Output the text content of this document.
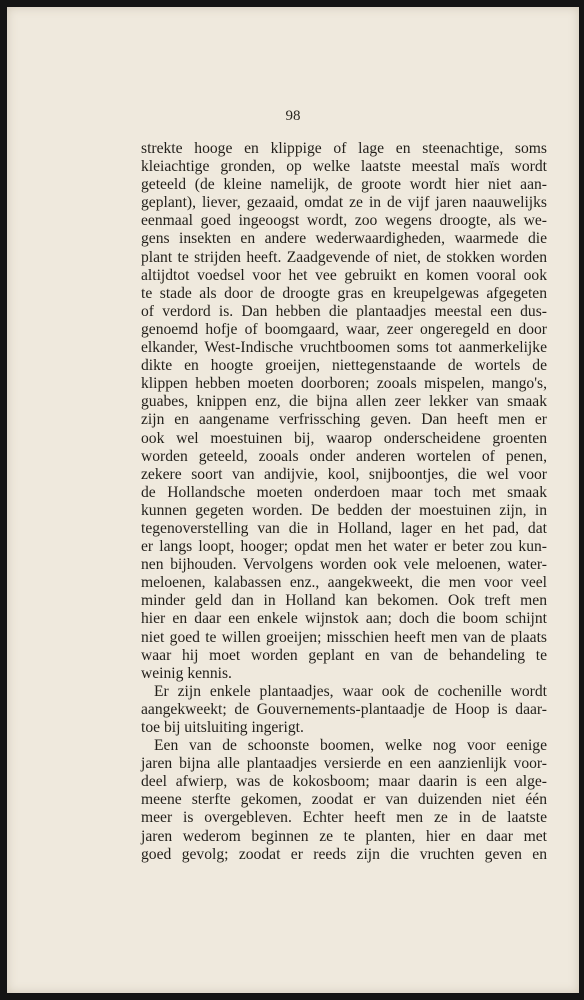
98
strekte hooge en klippige of lage en steenachtige, soms
kleiachtige gronden, op welke laatste meestal maïs wordt
geteeld (de kleine namelijk, de groote wordt hier niet aan-
geplant), liever, gezaaid, omdat ze in de vijf jaren naauwelijks
eenmaal goed ingeoogst wordt, zoo wegens droogte, als we-
gens insekten en andere wederwaardigheden, waarmede die
plant te strijden heeft. Zaadgevende of niet, de stokken worden
altijdtot voedsel voor het vee gebruikt en komen vooral ook
te stade als door de droogte gras en kreupelgewas afgegeten
of verdord is. Dan hebben die plantaadjes meestal een dus-
genoemd hofje of boomgaard, waar, zeer ongeregeld en door
elkander, West-Indische vruchtboomen soms tot aanmerkelijke
dikte en hoogte groeijen, niettegenstaande de wortels de
klippen hebben moeten doorboren; zooals mispelen, mango's,
guabes, knippen enz, die bijna allen zeer lekker van smaak
zijn en aangename verfrissching geven. Dan heeft men er
ook wel moestuinen bij, waarop onderscheidene groenten
worden geteeld, zooals onder anderen wortelen of penen,
zekere soort van andijvie, kool, snijboontjes, die wel voor
de Hollandsche moeten onderdoen maar toch met smaak
kunnen gegeten worden. De bedden der moestuinen zijn, in
tegenoverstelling van die in Holland, lager en het pad, dat
er langs loopt, hooger; opdat men het water er beter zou kun-
nen bijhouden. Vervolgens worden ook vele meloenen, water-
meloenen, kalabassen enz., aangekweekt, die men voor veel
minder geld dan in Holland kan bekomen. Ook treft men
hier en daar een enkele wijnstok aan; doch die boom schijnt
niet goed te willen groeijen; misschien heeft men van de plaats
waar hij moet worden geplant en van de behandeling te
weinig kennis.
Er zijn enkele plantaadjes, waar ook de cochenille wordt
aangekweekt; de Gouvernements-plantaadje de Hoop is daar-
toe bij uitsluiting ingerigt.
Een van de schoonste boomen, welke nog voor eenige
jaren bijna alle plantaadjes versierde en een aanzienlijk voor-
deel afwierp, was de kokosboom; maar daarin is een alge-
meene sterfte gekomen, zoodat er van duizenden niet één
meer is overgebleven. Echter heeft men ze in de laatste
jaren wederom beginnen ze te planten, hier en daar met
goed gevolg; zoodat er reeds zijn die vruchten geven en
